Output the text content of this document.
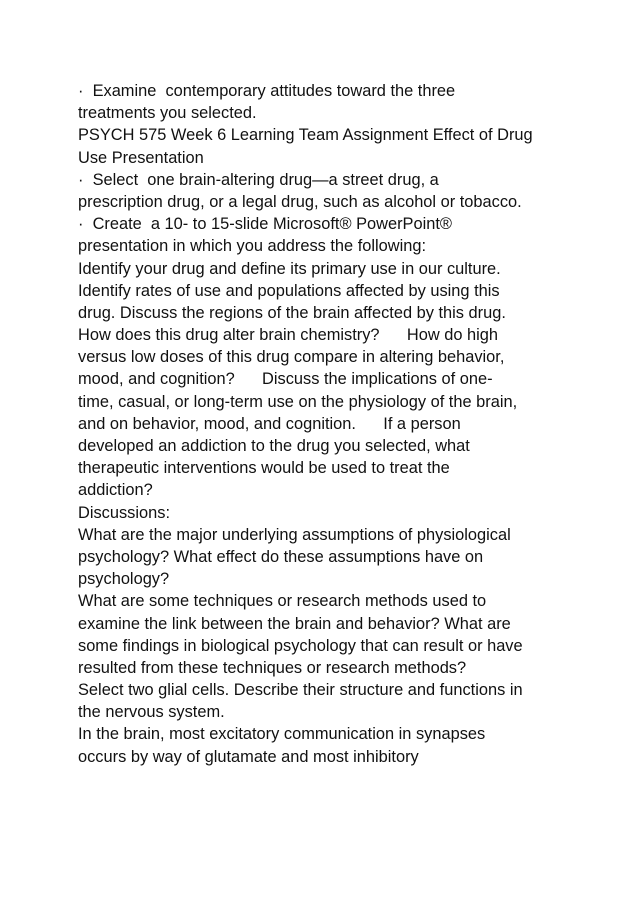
·  Examine  contemporary attitudes toward the three
treatments you selected.
PSYCH 575 Week 6 Learning Team Assignment Effect of Drug
Use Presentation
·  Select  one brain-altering drug—a street drug, a
prescription drug, or a legal drug, such as alcohol or tobacco.
·  Create  a 10- to 15-slide Microsoft® PowerPoint®
presentation in which you address the following:
Identify your drug and define its primary use in our culture.
Identify rates of use and populations affected by using this
drug. Discuss the regions of the brain affected by this drug.
How does this drug alter brain chemistry?      How do high
versus low doses of this drug compare in altering behavior,
mood, and cognition?      Discuss the implications of one-
time, casual, or long-term use on the physiology of the brain,
and on behavior, mood, and cognition.      If a person
developed an addiction to the drug you selected, what
therapeutic interventions would be used to treat the
addiction?
Discussions:
What are the major underlying assumptions of physiological
psychology? What effect do these assumptions have on
psychology?
What are some techniques or research methods used to
examine the link between the brain and behavior? What are
some findings in biological psychology that can result or have
resulted from these techniques or research methods?
Select two glial cells. Describe their structure and functions in
the nervous system.
In the brain, most excitatory communication in synapses
occurs by way of glutamate and most inhibitory
